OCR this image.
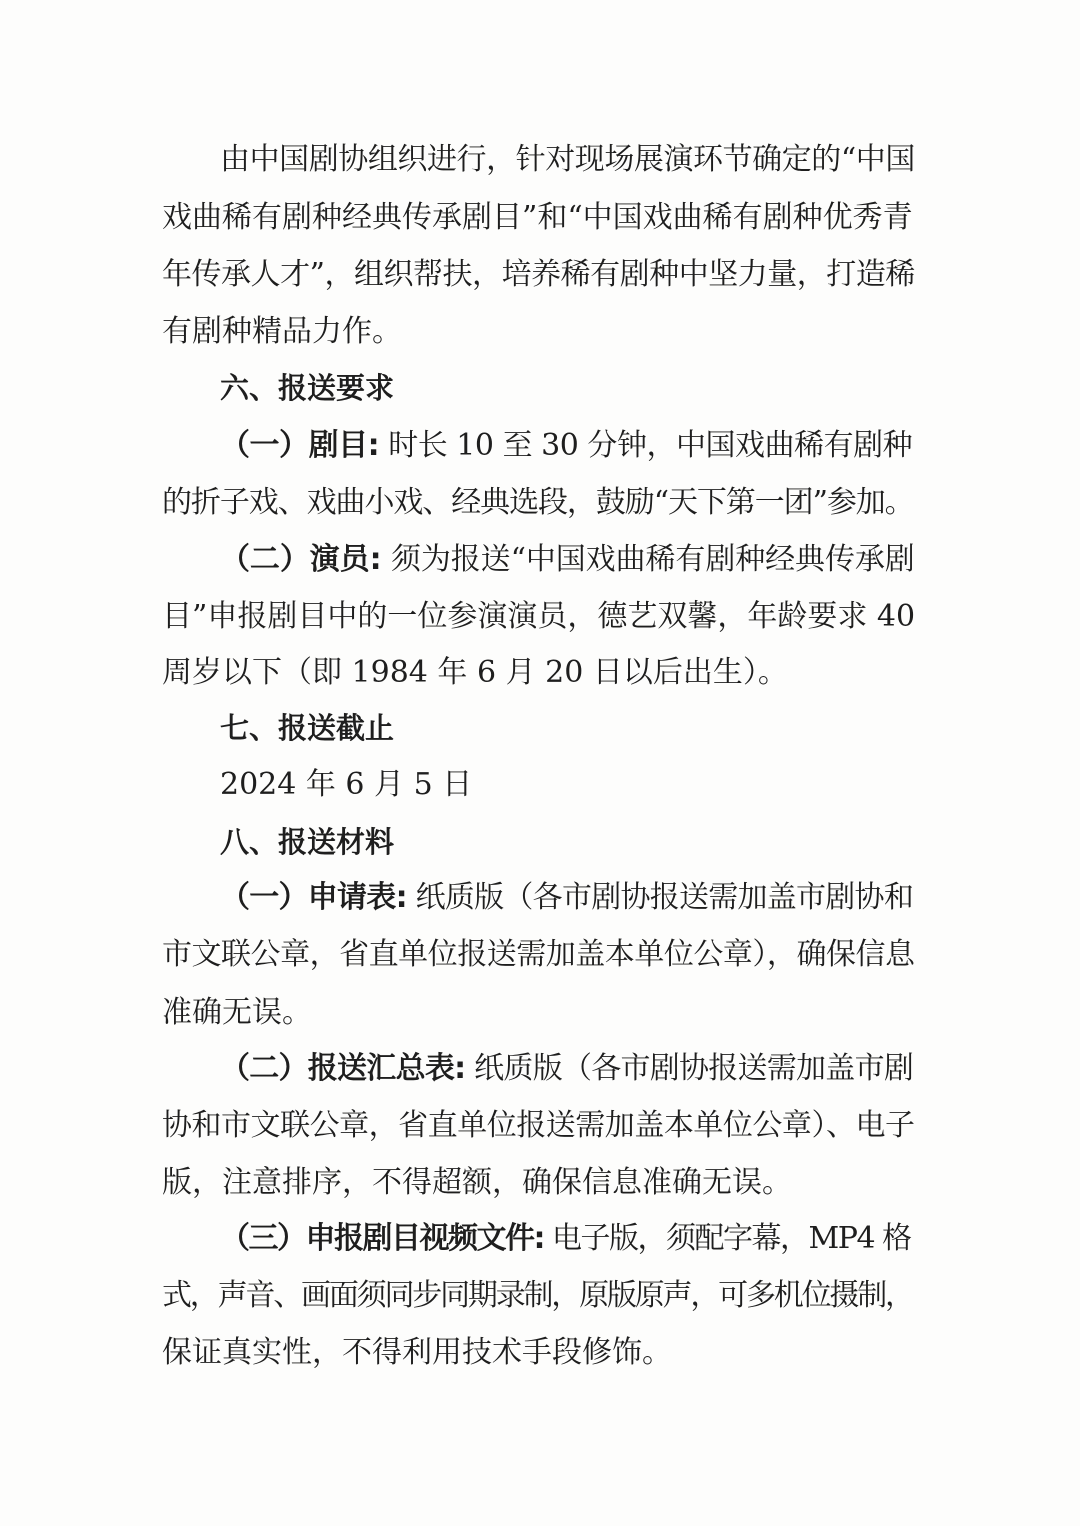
由中国剧协组织进行，针对现场展演环节确定的“中国
戏曲稀有剧种经典传承剧目”和“中国戏曲稀有剧种优秀青
年传承人才”，组织帮扶，培养稀有剧种中坚力量，打造稀
有剧种精品力作。
六、报送要求
（一）剧目: 时长 10 至 30 分钟，中国戏曲稀有剧种
的折子戏、戏曲小戏、经典选段，鼓励“天下第一团”参加。
（二）演员: 须为报送“中国戏曲稀有剧种经典传承剧
目”申报剧目中的一位参演演员，德艺双馨，年龄要求 40
周岁以下（即 1984 年 6 月 20 日以后出生）。
七、报送截止
2024 年 6 月 5 日
八、报送材料
（一）申请表: 纸质版（各市剧协报送需加盖市剧协和
市文联公章，省直单位报送需加盖本单位公章），确保信息
准确无误。
（二）报送汇总表: 纸质版（各市剧协报送需加盖市剧
协和市文联公章，省直单位报送需加盖本单位公章）、电子
版，注意排序，不得超额，确保信息准确无误。
（三）申报剧目视频文件: 电子版，须配字幕，MP4 格
式，声音、画面须同步同期录制，原版原声，可多机位摄制，
保证真实性，不得利用技术手段修饰。
